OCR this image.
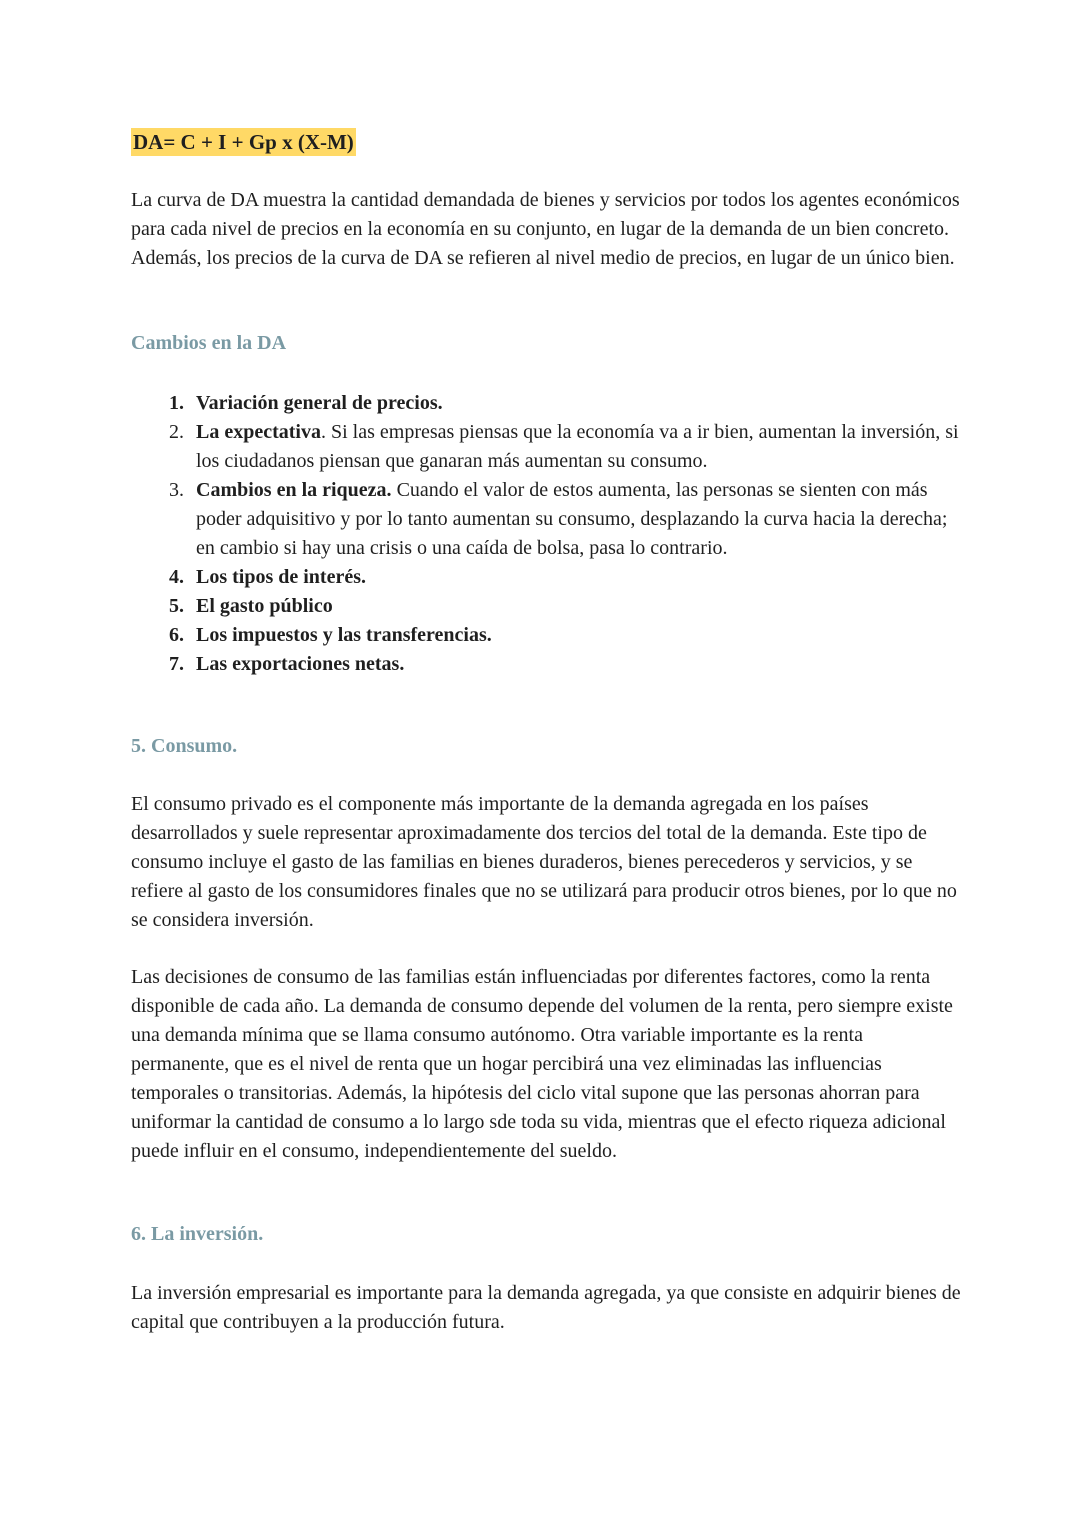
DA= C + I + Gp x (X-M)

La curva de DA muestra la cantidad demandada de bienes y servicios por todos los agentes económicos para cada nivel de precios en la economía en su conjunto, en lugar de la demanda de un bien concreto. Además, los precios de la curva de DA se refieren al nivel medio de precios, en lugar de un único bien.

Cambios en la DA
1. Variación general de precios.
2. La expectativa. Si las empresas piensas que la economía va a ir bien, aumentan la inversión, si los ciudadanos piensan que ganaran más aumentan su consumo.
3. Cambios en la riqueza. Cuando el valor de estos aumenta, las personas se sienten con más poder adquisitivo y por lo tanto aumentan su consumo, desplazando la curva hacia la derecha; en cambio si hay una crisis o una caída de bolsa, pasa lo contrario.
4. Los tipos de interés.
5. El gasto público
6. Los impuestos y las transferencias.
7. Las exportaciones netas.
5. Consumo.

El consumo privado es el componente más importante de la demanda agregada en los países desarrollados y suele representar aproximadamente dos tercios del total de la demanda. Este tipo de consumo incluye el gasto de las familias en bienes duraderos, bienes perecederos y servicios, y se refiere al gasto de los consumidores finales que no se utilizará para producir otros bienes, por lo que no se considera inversión.

Las decisiones de consumo de las familias están influenciadas por diferentes factores, como la renta disponible de cada año. La demanda de consumo depende del volumen de la renta, pero siempre existe una demanda mínima que se llama consumo autónomo. Otra variable importante es la renta permanente, que es el nivel de renta que un hogar percibirá una vez eliminadas las influencias temporales o transitorias. Además, la hipótesis del ciclo vital supone que las personas ahorran para uniformar la cantidad de consumo a lo largo sde toda su vida, mientras que el efecto riqueza adicional puede influir en el consumo, independientemente del sueldo.

6. La inversión.

La inversión empresarial es importante para la demanda agregada, ya que consiste en adquirir bienes de capital que contribuyen a la producción futura.
